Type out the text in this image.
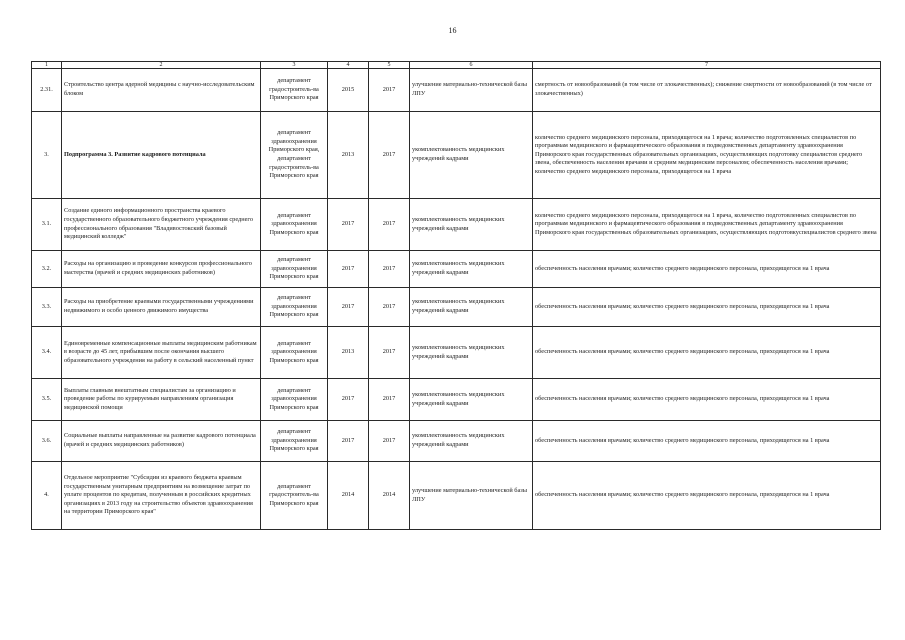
16
1	2	3	4	5	6	7
2.31.	Строительство центра ядерной медицины с научно-исследовательским блоком	департамент градостроитель-ва Приморского края	2015	2017	улучшение материально-технической базы ЛПУ	смертность от новообразований (в том числе от злокачественных); снижение смертности от новообразований (в том числе от злокачественных)
3.	Подпрограмма 3. Развитие кадрового потенциала	департамент здравоохранения Приморского края, департамент градостроитель-ва Приморского края	2013	2017	укомплектованность медицинских учреждений кадрами	количество среднего медицинского персонала, приходящегося на 1 врача; количество подготовленных специалистов по программам медицинского и фармацевтического образования в подведомственных департаменту здравоохранения Приморского края государственных образовательных организациях, осуществляющих подготовку специалистов среднего звена, обеспеченность населения врачами и средним медицинским персоналом; обеспеченность населения врачами; количество среднего медицинского персонала, приходящегося на 1 врача
3.1.	Создание единого информационного пространства краевого государственного образовательного бюджетного учреждения среднего профессионального образования "Владивостокский базовый медицинский колледж"	департамент здравоохранения Приморского края	2017	2017	укомплектованность медицинских учреждений кадрами	количество среднего медицинского персонала, приходящегося на 1 врача, количество подготовленных специалистов по программам медицинского и фармацевтического образования в подведомственных департаменту здравоохранения Приморского края государственных образовательных организациях, осуществляющих подготовкуспециалистов среднего звена
3.2.	Расходы на организацию и проведение конкурсов профессионального мастерства (врачей и средних медицинских работников)	департамент здравоохранения Приморского края	2017	2017	укомплектованность медицинских учреждений кадрами	обеспеченность населения врачами; количество среднего медицинского персонала, приходящегося на 1 врача
3.3.	Расходы на приобретение краевыми государственными учреждениями недвижимого и особо ценного движимого имущества	департамент здравоохранения Приморского края	2017	2017	укомплектованность медицинских учреждений кадрами	обеспеченность населения врачами; количество среднего медицинского персонала, приходящегося на 1 врача
3.4.	Единовременные компенсационные выплаты медицинским работникам в возрасте до 45 лет, прибывшим после окончания высшего образовательного учреждения на работу в сельский населенный пункт	департамент здравоохранения Приморского края	2013	2017	укомплектованность медицинских учреждений кадрами	обеспеченность населения врачами; количество среднего медицинского персонала, приходящегося на 1 врача
3.5.	Выплаты главным внештатным специалистам за организацию и проведение работы по курируемым направлениям организация медицинской помощи	департамент здравоохранения Приморского края	2017	2017	укомплектованность медицинских учреждений кадрами	обеспеченность населения врачами; количество среднего медицинского персонала, приходящегося на 1 врача
3.6.	Социальные выплаты направленные на развитие кадрового потенциала (врачей и средних медицинских работников)	департамент здравоохранения Приморского края	2017	2017	укомплектованность медицинских учреждений кадрами	обеспеченность населения врачами; количество среднего медицинского персонала, приходящегося на 1 врача
4.	Отдельное мероприятие "Субсидии из краевого бюджета краевым государственным унитарным предприятиям на возмещение затрат по уплате процентов по кредитам, полученным в российских кредитных организациях в 2013 году на строительство объектов здравоохранения на территории Приморского края"	департамент градостроитель-ва Приморского края	2014	2014	улучшение материально-технической базы ЛПУ	обеспеченность населения врачами; количество среднего медицинского персонала, приходящегося на 1 врача
